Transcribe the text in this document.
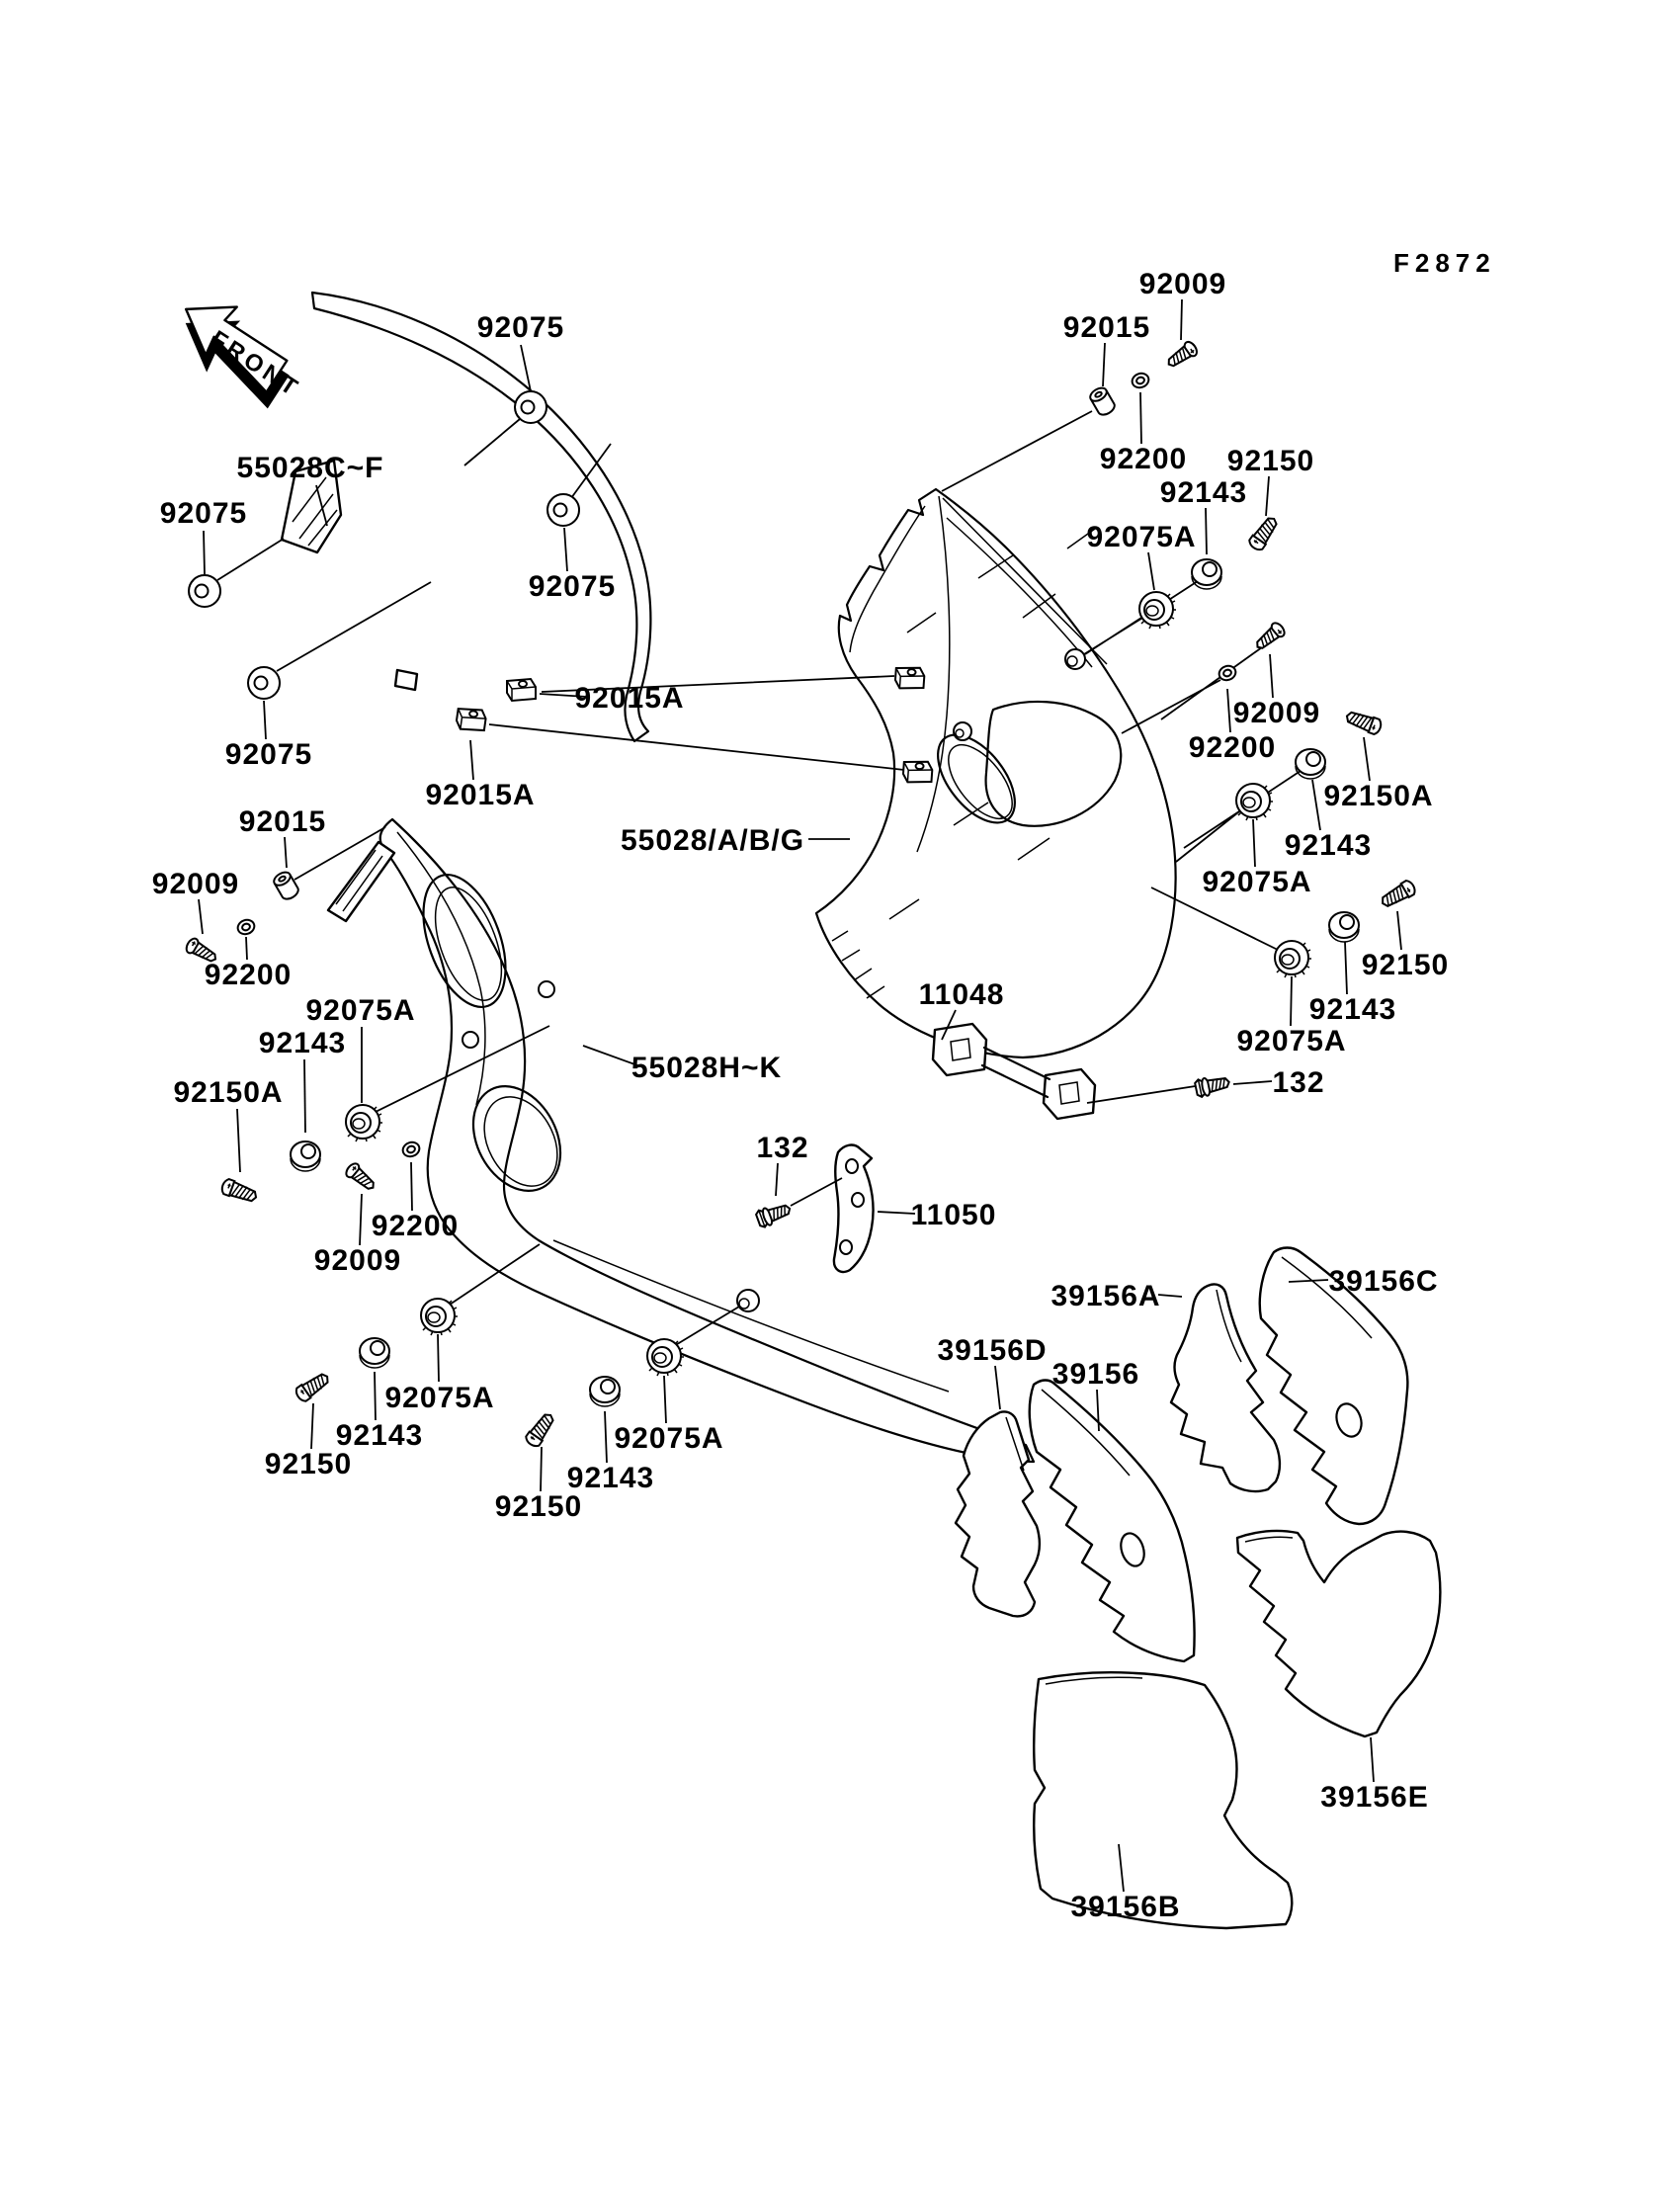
FRONT
F2872
92075
55028C~F
92075
92075
92075
92015A
92015A
92015
92009
92200
55028/A/B/G
92075A
92143
92150A
92200
92009
55028H~K
11048
132
11050
92009
92015
92200 92150
92143
92075A
92009
92200
92150A
92143
92075A
92150
92143
92075A
132
92075A
92143
92150
92075A
92143
92150
39156A	39156C
39156D
39156
39156E
39156B
